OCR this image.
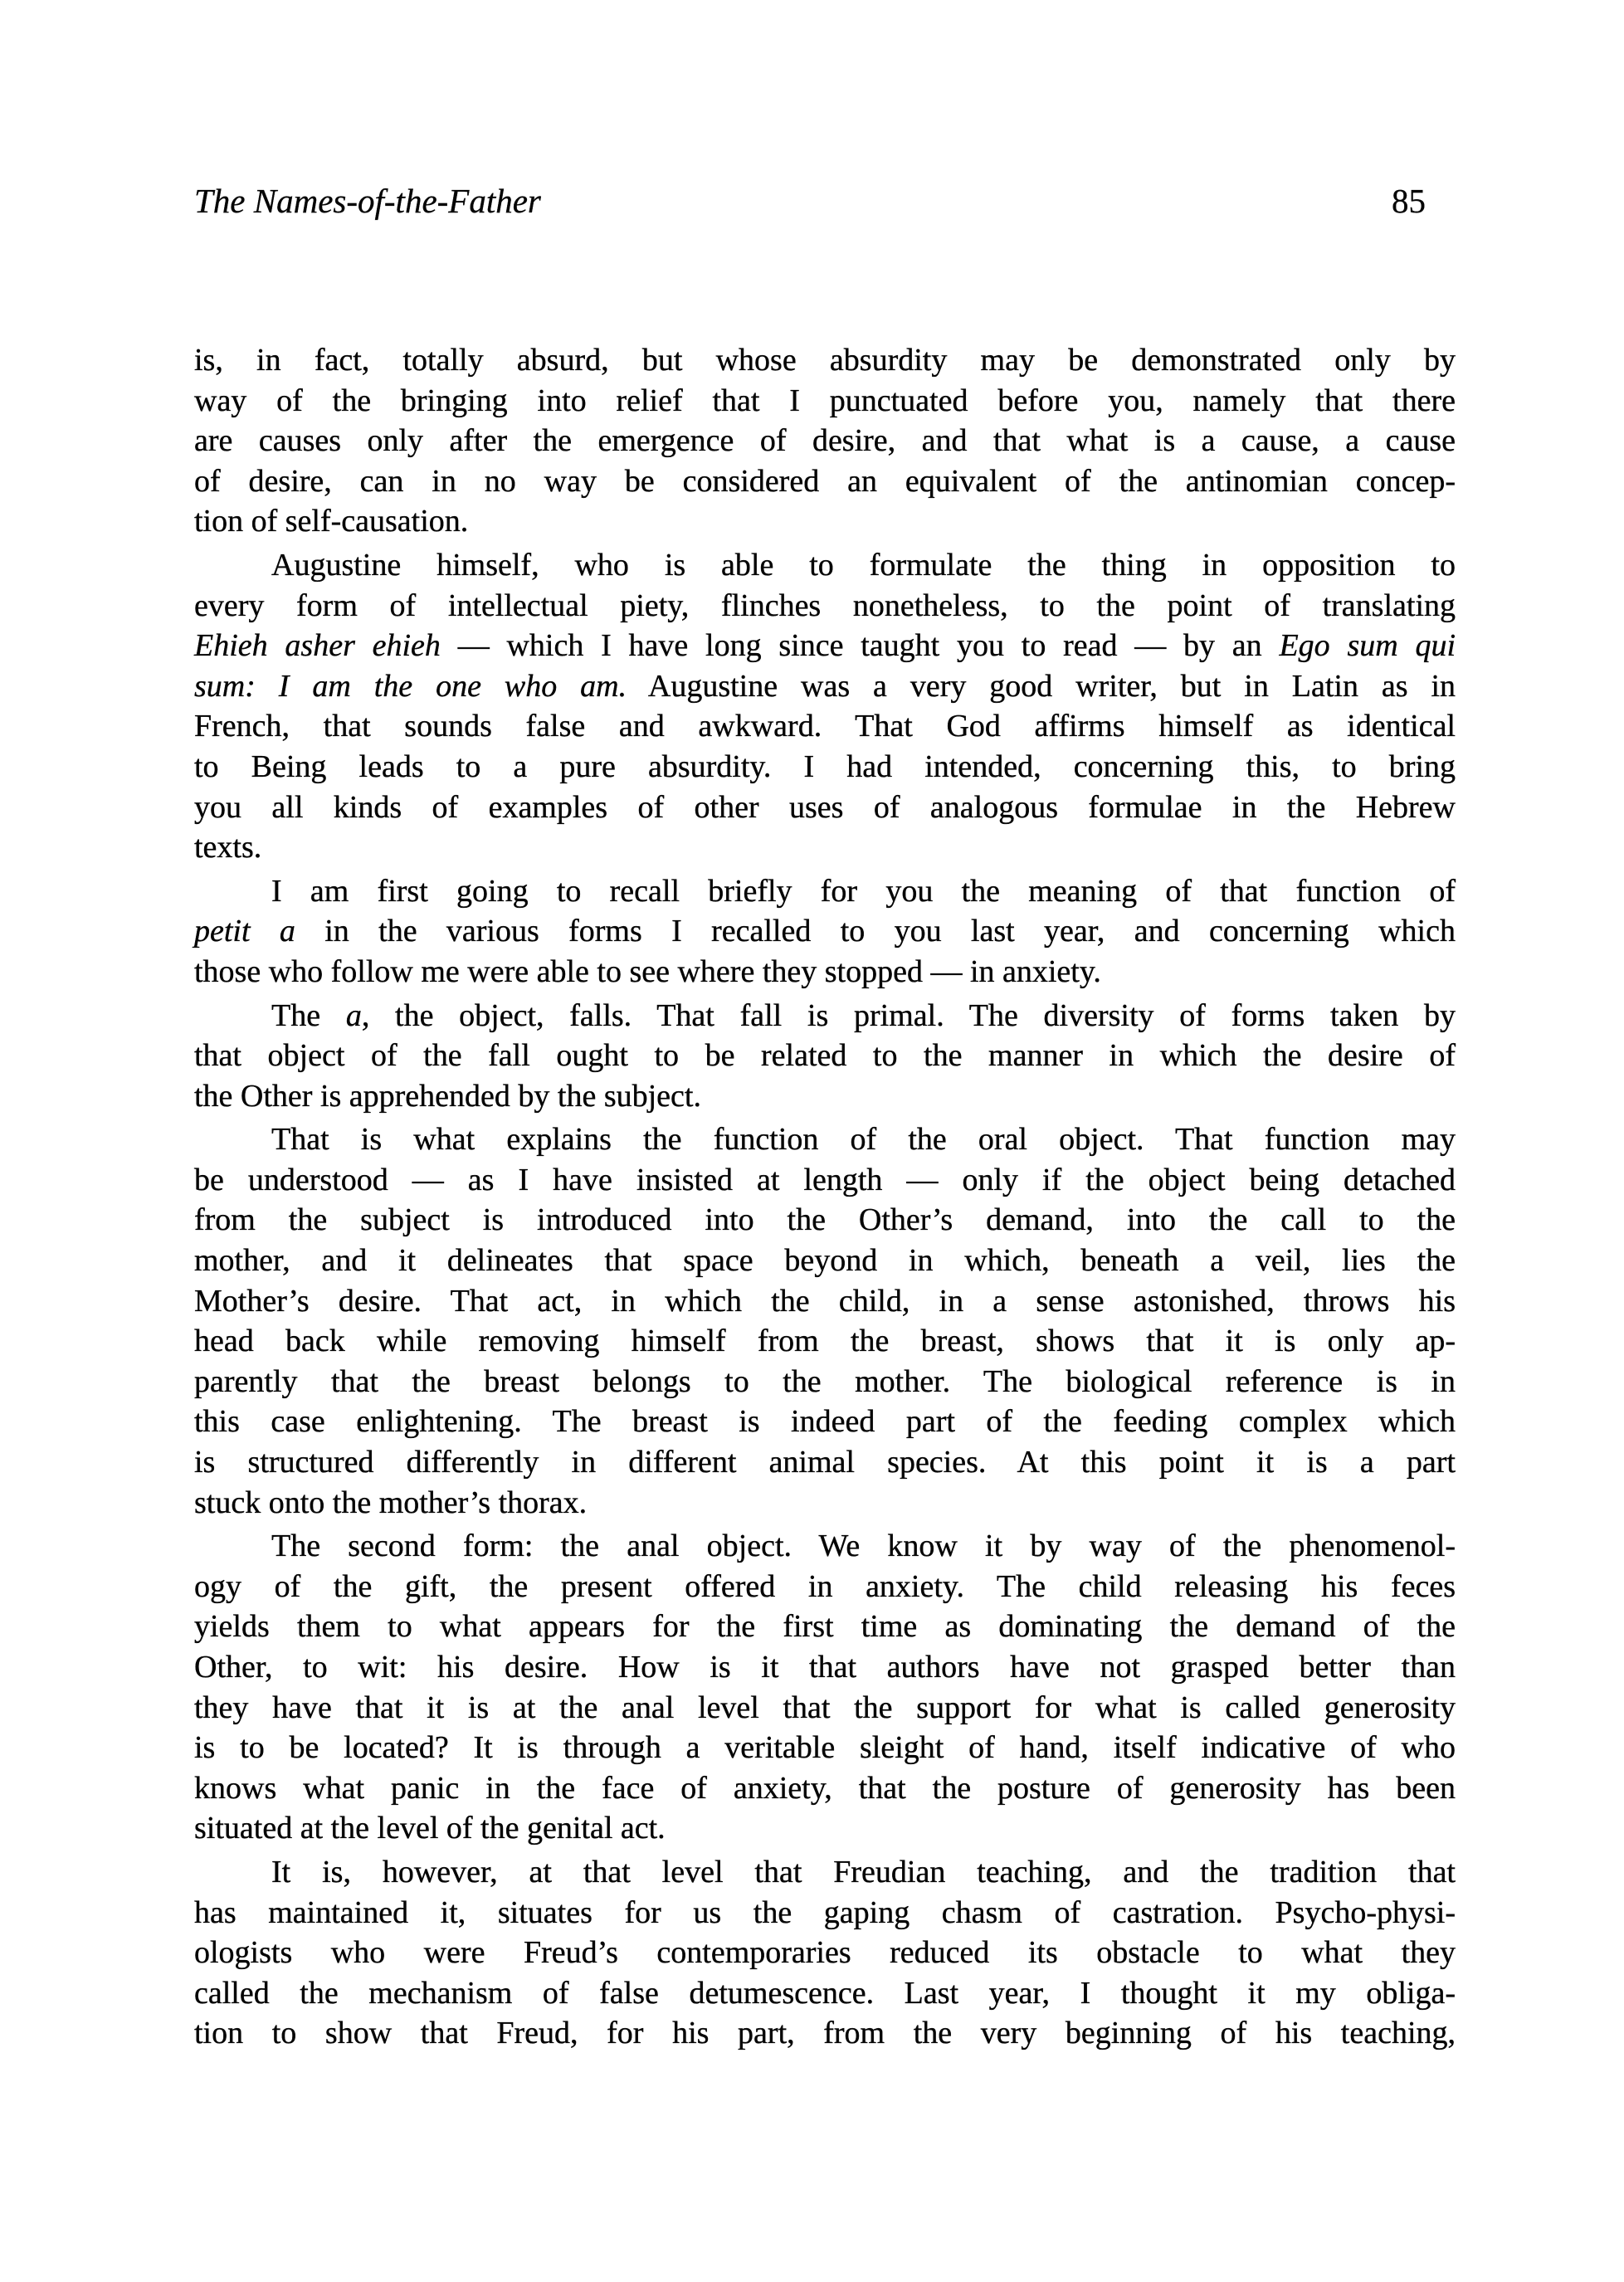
The Names-of-the-Father	85
is, in fact, totally absurd, but whose absurdity may be demonstrated only by
way of the bringing into relief that I punctuated before you, namely that there
are causes only after the emergence of desire, and that what is a cause, a cause
of desire, can in no way be considered an equivalent of the antinomian concep-
tion of self-causation.
Augustine himself, who is able to formulate the thing in opposition to
every form of intellectual piety, flinches nonetheless, to the point of translating
Ehieh asher ehieh — which I have long since taught you to read — by an Ego sum qui
sum: I am the one who am. Augustine was a very good writer, but in Latin as in
French, that sounds false and awkward. That God affirms himself as identical
to Being leads to a pure absurdity. I had intended, concerning this, to bring
you all kinds of examples of other uses of analogous formulae in the Hebrew
texts.
I am first going to recall briefly for you the meaning of that function of
petit a in the various forms I recalled to you last year, and concerning which
those who follow me were able to see where they stopped — in anxiety.
The a, the object, falls. That fall is primal. The diversity of forms taken by
that object of the fall ought to be related to the manner in which the desire of
the Other is apprehended by the subject.
That is what explains the function of the oral object. That function may
be understood — as I have insisted at length — only if the object being detached
from the subject is introduced into the Other’s demand, into the call to the
mother, and it delineates that space beyond in which, beneath a veil, lies the
Mother’s desire. That act, in which the child, in a sense astonished, throws his
head back while removing himself from the breast, shows that it is only ap-
parently that the breast belongs to the mother. The biological reference is in
this case enlightening. The breast is indeed part of the feeding complex which
is structured differently in different animal species. At this point it is a part
stuck onto the mother’s thorax.
The second form: the anal object. We know it by way of the phenomenol-
ogy of the gift, the present offered in anxiety. The child releasing his feces
yields them to what appears for the first time as dominating the demand of the
Other, to wit: his desire. How is it that authors have not grasped better than
they have that it is at the anal level that the support for what is called generosity
is to be located? It is through a veritable sleight of hand, itself indicative of who
knows what panic in the face of anxiety, that the posture of generosity has been
situated at the level of the genital act.
It is, however, at that level that Freudian teaching, and the tradition that
has maintained it, situates for us the gaping chasm of castration. Psycho-physi-
ologists who were Freud’s contemporaries reduced its obstacle to what they
called the mechanism of false detumescence. Last year, I thought it my obliga-
tion to show that Freud, for his part, from the very beginning of his teaching,
